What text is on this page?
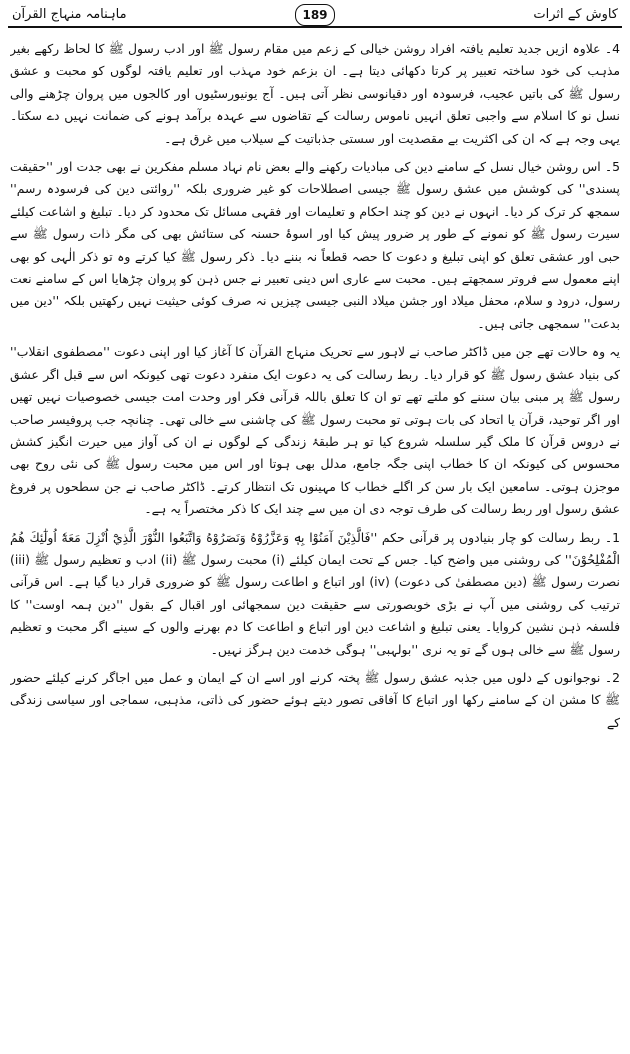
ماہنامہ منہاج القرآن	189	کاوش کے اثرات

4۔ علاوہ ازیں جدید تعلیم یافتہ افراد روشن خیالی کے زعم میں مقام رسول ﷺ اور ادب رسول ﷺ کا لحاظ رکھے بغیر مذہب کی خود ساختہ تعبیر پر کرتا دکھائی دیتا ہے۔ ان بزعم خود مہذب اور تعلیم یافتہ لوگوں کو محبت و عشق رسول ﷺ کی باتیں عجیب، فرسودہ اور دقیانوسی نظر آتی ہیں۔ آج یونیورسٹیوں اور کالجوں میں پروان چڑھنے والی نسل نو کا اسلام سے واجبی تعلق انہیں ناموس رسالت کے تقاضوں سے عہدہ برآمد ہونے کی ضمانت نہیں دے سکتا۔ یہی وجہ ہے کہ ان کی اکثریت بے مقصدیت اور سستی جذباتیت کے سیلاب میں غرق ہے۔

5۔ اس روشن خیال نسل کے سامنے دین کی مبادیات رکھنے والے بعض نام نہاد مسلم مفکرین نے بھی جدت اور ''حقیقت پسندی'' کی کوشش میں عشق رسول ﷺ جیسی اصطلاحات کو غیر ضروری بلکہ ''روائتی دین کی فرسودہ رسم'' سمجھ کر ترک کر دیا۔ انہوں نے دین کو چند احکام و تعلیمات اور فقہی مسائل تک محدود کر دیا۔ تبلیغ و اشاعت کیلئے سیرت رسول ﷺ کو نمونے کے طور پر ضرور پیش کیا اور اسوۂ حسنہ کی ستائش بھی کی مگر ذات رسول ﷺ سے حبی اور عشقی تعلق کو اپنی تبلیغ و دعوت کا حصہ قطعاً نہ بننے دیا۔ ذکر رسول ﷺ کیا کرتے وہ تو ذکر الٰہی کو بھی اپنے معمول سے فروتر سمجھتے ہیں۔ محبت سے عاری اس دینی تعبیر نے جس ذہن کو پروان چڑھایا اس کے سامنے نعت رسول، درود و سلام، محفل میلاد اور جشن میلاد النبی جیسی چیزیں نہ صرف کوئی حیثیت نہیں رکھتیں بلکہ ''دین میں بدعت'' سمجھی جاتی ہیں۔

یہ وہ حالات تھے جن میں ڈاکٹر صاحب نے لاہور سے تحریک منہاج القرآن کا آغاز کیا اور اپنی دعوت ''مصطفوی انقلاب'' کی بنیاد عشق رسول ﷺ کو قرار دیا۔ ربط رسالت کی یہ دعوت ایک منفرد دعوت تھی کیونکہ اس سے قبل اگر عشق رسول ﷺ پر مبنی بیان سننے کو ملتے تھے تو ان کا تعلق باللہ قرآنی فکر اور وحدت امت جیسی خصوصیات نہیں تھیں اور اگر توحید، قرآن یا اتحاد کی بات ہوتی تو محبت رسول ﷺ کی چاشنی سے خالی تھی۔ چنانچہ جب پروفیسر صاحب نے دروس قرآن کا ملک گیر سلسلہ شروع کیا تو ہر طبقۂ زندگی کے لوگوں نے ان کی آواز میں حیرت انگیز کشش محسوس کی کیونکہ ان کا خطاب اپنی جگہ جامع، مدلل بھی ہوتا اور اس میں محبت رسول ﷺ کی نئی روح بھی موجزن ہوتی۔ سامعین ایک بار سن کر اگلے خطاب کا مہینوں تک انتظار کرتے۔ ڈاکٹر صاحب نے جن سطحوں پر فروغ عشق رسول اور ربط رسالت کی طرف توجہ دی ان میں سے چند ایک کا ذکر مختصراً یہ ہے۔

1۔ ربط رسالت کو چار بنیادوں پر قرآنی حکم ''فَالَّذِيْنَ آمَنُوْا بِهٖ وَعَزَّرُوْهُ وَنَصَرُوْهُ وَاتَّبَعُوا النُّوْرَ الَّذِيْٓ اُنْزِلَ مَعَهٗٓ اُولٰٓئِكَ هُمُ الْمُفْلِحُوْنَ'' کی روشنی میں واضح کیا۔ جس کے تحت ایمان کیلئے (i) محبت رسول ﷺ (ii) ادب و تعظیم رسول ﷺ (iii) نصرت رسول ﷺ (دین مصطفیٰ کی دعوت) (iv) اور اتباع و اطاعت رسول ﷺ کو ضروری قرار دیا گیا ہے۔ اس قرآنی ترتیب کی روشنی میں آپ نے بڑی خوبصورتی سے حقیقت دین سمجھائی اور اقبال کے بقول ''دین ہمہ اوست'' کا فلسفہ ذہن نشین کروایا۔ یعنی تبلیغ و اشاعت دین اور اتباع و اطاعت کا دم بھرنے والوں کے سینے اگر محبت و تعظیم رسول ﷺ سے خالی ہوں گے تو یہ نری ''بولہبی'' ہوگی خدمت دین ہرگز نہیں۔

2۔ نوجوانوں کے دلوں میں جذبہ عشق رسول ﷺ پختہ کرنے اور اسے ان کے ایمان و عمل میں اجاگر کرنے کیلئے حضور ﷺ کا مشن ان کے سامنے رکھا اور اتباع کا آفاقی تصور دیتے ہوئے حضور کی ذاتی، مذہبی، سماجی اور سیاسی زندگی کے
